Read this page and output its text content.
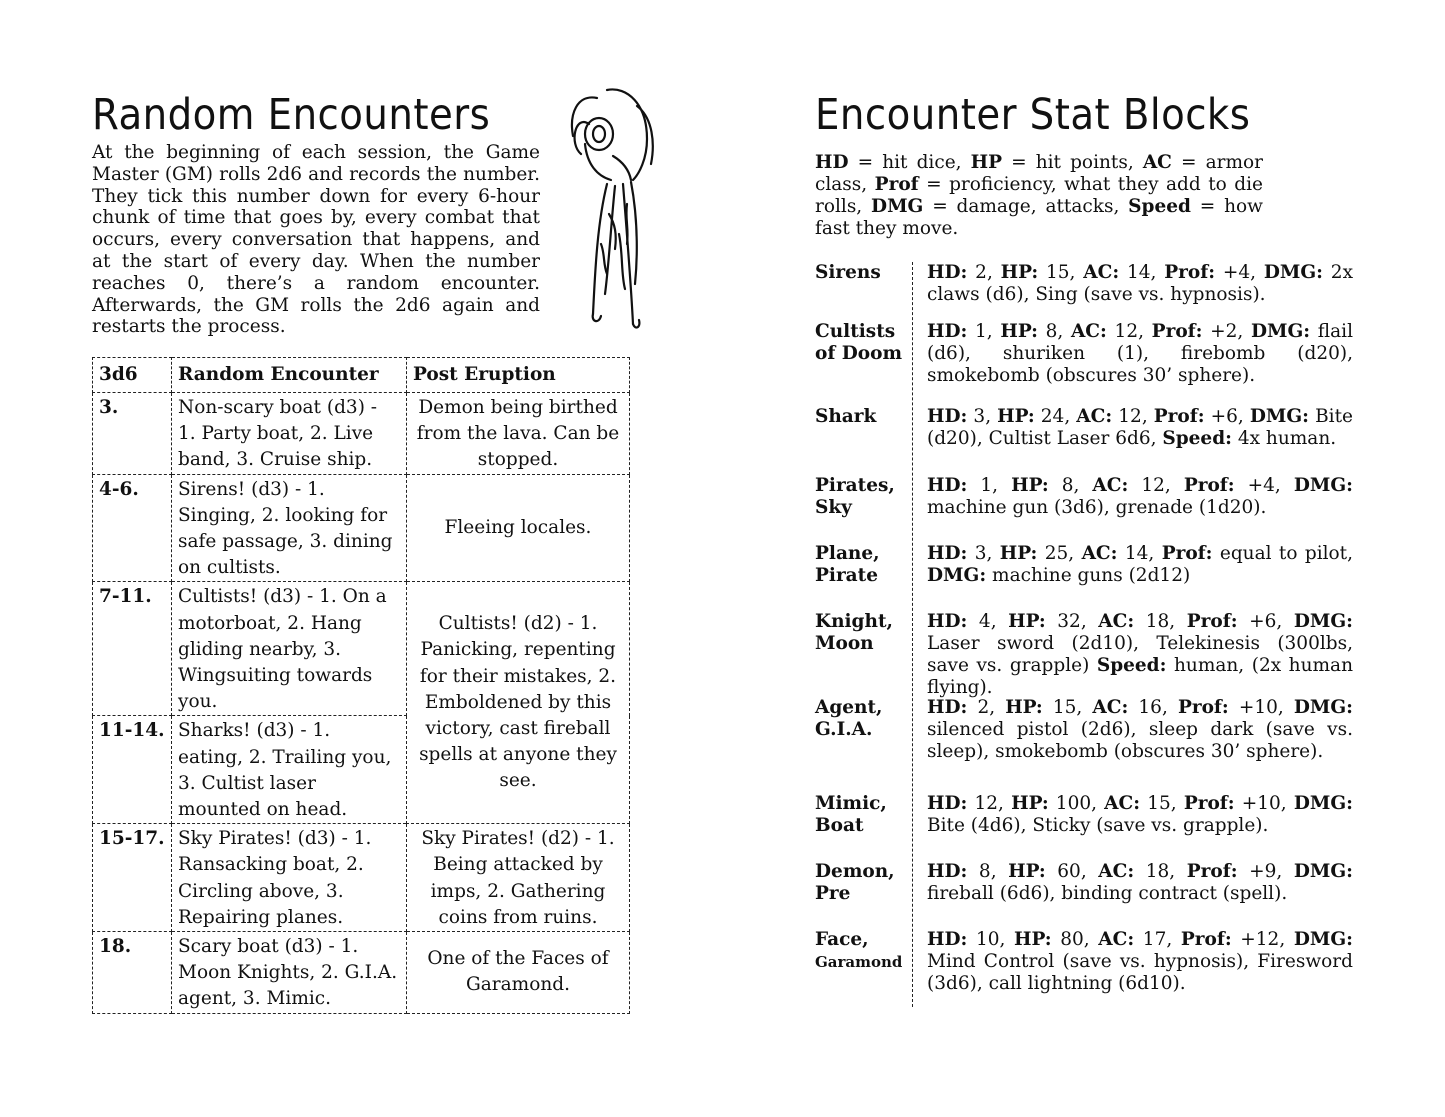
Random Encounters

At the beginning of each session, the Game Master (GM) rolls 2d6 and records the number. They tick this number down for every 6-hour chunk of time that goes by, every combat that occurs, every conversation that happens, and at the start of every day. When the number reaches 0, there’s a random encounter. Afterwards, the GM rolls the 2d6 again and restarts the process.

3d6	Random Encounter	Post Eruption
3.	Non-scary boat (d3) - 1. Party boat, 2. Live band, 3. Cruise ship.	Demon being birthed from the lava. Can be stopped.
4-6.	Sirens! (d3) - 1. Singing, 2. looking for safe passage, 3. dining on cultists.	Fleeing locales.
7-11.	Cultists! (d3) - 1. On a motorboat, 2. Hang gliding nearby, 3. Wingsuiting towards you.	Cultists! (d2) - 1. Panicking, repenting for their mistakes, 2. Emboldened by this victory, cast fireball spells at anyone they see.
11-14.	Sharks! (d3) - 1. eating, 2. Trailing you, 3. Cultist laser mounted on head.	
15-17.	Sky Pirates! (d3) - 1. Ransacking boat, 2. Circling above, 3. Repairing planes.	Sky Pirates! (d2) - 1. Being attacked by imps, 2. Gathering coins from ruins.
18.	Scary boat (d3) - 1. Moon Knights, 2. G.I.A. agent, 3. Mimic.	One of the Faces of Garamond.
Encounter Stat Blocks

HD = hit dice, HP = hit points, AC = armor class, Prof = proficiency, what they add to die rolls, DMG = damage, attacks, Speed = how fast they move.

Sirens	HD: 2, HP: 15, AC: 14, Prof: +4, DMG: 2x claws (d6), Sing (save vs. hypnosis).
Cultists
of Doom
HD: 1, HP: 8, AC: 12, Prof: +2, DMG: flail (d6), shuriken (1), firebomb (d20), smokebomb (obscures 30’ sphere).
Shark	HD: 3, HP: 24, AC: 12, Prof: +6, DMG: Bite (d20), Cultist Laser 6d6, Speed: 4x human.
Pirates,
Sky
HD: 1, HP: 8, AC: 12, Prof: +4, DMG: machine gun (3d6), grenade (1d20).
Plane,
Pirate
HD: 3, HP: 25, AC: 14, Prof: equal to pilot, DMG: machine guns (2d12)
Knight,
Moon
HD: 4, HP: 32, AC: 18, Prof: +6, DMG: Laser sword (2d10), Telekinesis (300lbs, save vs. grapple) Speed: human, (2x human flying).
Agent,
G.I.A.
HD: 2, HP: 15, AC: 16, Prof: +10, DMG: silenced pistol (2d6), sleep dark (save vs. sleep), smokebomb (obscures 30’ sphere).
Mimic,
Boat
HD: 12, HP: 100, AC: 15, Prof: +10, DMG: Bite (4d6), Sticky (save vs. grapple).
Demon,
Pre
HD: 8, HP: 60, AC: 18, Prof: +9, DMG: fireball (6d6), binding contract (spell).
Face,
Garamond
HD: 10, HP: 80, AC: 17, Prof: +12, DMG: Mind Control (save vs. hypnosis), Firesword (3d6), call lightning (6d10).
